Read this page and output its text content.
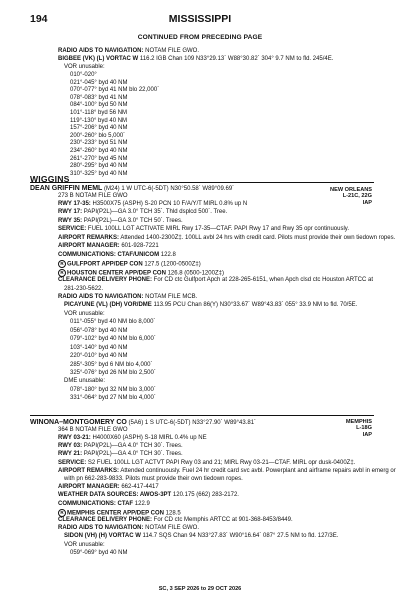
194	MISSISSIPPI
CONTINUED FROM PRECEDING PAGE
RADIO AIDS TO NAVIGATION: NOTAM FILE GWO.
BIGBEE (VK) (L) VORTAC W 116.2 IGB Chan 109 N33°29.13´ W88°30.82´ 304° 9.7 NM to fld. 245/4E.
VOR unusable:
010°-020°
021°-045° byd 40 NM
070°-077° byd 41 NM blo 22,000´
078°-083° byd 41 NM
084°-100° byd 50 NM
101°-118° byd 56 NM
119°-130° byd 40 NM
157°-206° byd 40 NM
200°-260° blo 5,000´
230°-233° byd 51 NM
234°-260° byd 40 NM
261°-270° byd 45 NM
280°-295° byd 40 NM
310°-325° byd 40 NM
WIGGINS
DEAN GRIFFIN MEML (M24) 1 W UTC-6(-5DT) N30°50.58´ W89°09.69´
273 B NOTAM FILE GWO
NEW ORLEANS
L-21C, 22G
IAP
RWY 17-35: H3500X75 (ASPH) S-20 PCN 10 F/A/Y/T MIRL 0.8% up N
RWY 17: PAPI(P2L)—GA 3.0° TCH 35´. Thld dsplcd 500´. Tree.
RWY 35: PAPI(P2L)—GA 3.0° TCH 50´. Trees.
SERVICE: FUEL 100LL LGT ACTIVATE MIRL Rwy 17-35—CTAF. PAPI Rwy 17 and Rwy 35 opr continuously.
AIRPORT REMARKS: Attended 1400-2300Z‡. 100LL avbl 24 hrs with credit card. Pilots must provide their own tiedown ropes.
AIRPORT MANAGER: 601-928-7221
COMMUNICATIONS: CTAF/UNICOM 122.8
R GULFPORT APP/DEP CON 127.5 (1200-0500Z‡)
R HOUSTON CENTER APP/DEP CON 126.8 (0500-1200Z‡)
CLEARANCE DELIVERY PHONE: For CD ctc Gulfport Apch at 228-265-6151, when Apch clsd ctc Houston ARTCC at
281-230-5622.
RADIO AIDS TO NAVIGATION: NOTAM FILE MCB.
PICAYUNE (VL) (DH) VOR/DME 113.95 PCU Chan 86(Y) N30°33.67´ W89°43.83´ 055° 33.9 NM to fld. 70/5E.
VOR unusable:
011°-055° byd 40 NM blo 8,000´
056°-078° byd 40 NM
079°-102° byd 40 NM blo 6,000´
103°-140° byd 40 NM
220°-010° byd 40 NM
285°-305° byd 6 NM blo 4,000´
325°-076° byd 26 NM blo 2,500´
DME unusable:
078°-180° byd 32 NM blo 3,000´
331°-064° byd 27 NM blo 4,000´
WINONA–MONTGOMERY CO (5A6) 1 S UTC-6(-5DT) N33°27.90´ W89°43.81´
364 B NOTAM FILE GWO
MEMPHIS
L-18G
IAP
RWY 03-21: H4000X60 (ASPH) S-18 MIRL 0.4% up NE
RWY 03: PAPI(P2L)—GA 4.0° TCH 30´. Trees.
RWY 21: PAPI(P2L)—GA 4.0° TCH 30´. Trees.
SERVICE: S2 FUEL 100LL LGT ACTVT PAPI Rwy 03 and 21; MIRL Rwy 03-21—CTAF. MIRL opr dusk-0400Z‡.
AIRPORT REMARKS: Attended continuously. Fuel 24 hr credit card svc avbl. Powerplant and airframe repairs avbl in emerg or
with pn 662-283-9833. Pilots must provide their own tiedown ropes.
AIRPORT MANAGER: 662-417-4417
WEATHER DATA SOURCES: AWOS-3PT 120.175 (662) 283-2172.
COMMUNICATIONS: CTAF 122.9
R MEMPHIS CENTER APP/DEP CON 128.5
CLEARANCE DELIVERY PHONE: For CD ctc Memphis ARTCC at 901-368-8453/8449.
RADIO AIDS TO NAVIGATION: NOTAM FILE GWO.
SIDON (VH) (H) VORTAC W 114.7 SQS Chan 94 N33°27.83´ W90°16.64´ 087° 27.5 NM to fld. 127/3E.
VOR unusable:
059°-069° byd 40 NM
SC, 3 SEP 2026 to 29 OCT 2026
